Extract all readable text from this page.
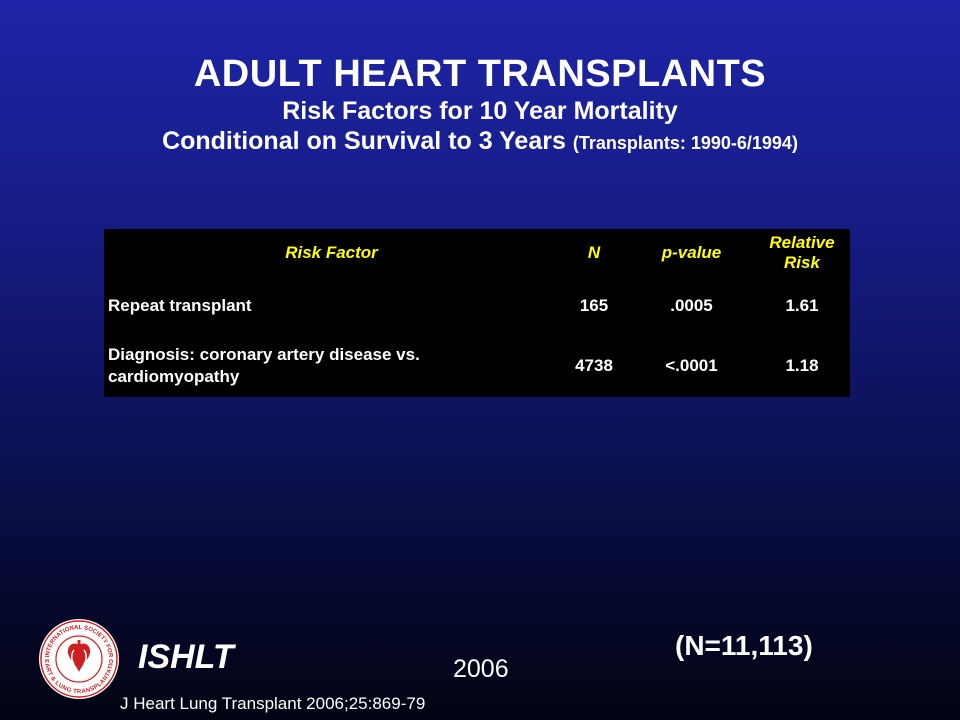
ADULT HEART TRANSPLANTS
Risk Factors for 10 Year Mortality
Conditional on Survival to 3 Years (Transplants: 1990-6/1994)
Risk Factor	N	p-value	Relative
Risk
Repeat transplant	165	.0005	1.61
Diagnosis: coronary artery disease vs.
cardiomyopathy	4738	<.0001	1.18
INTERNATIONAL SOCIETY FOR
EART & LUNG TRANSPLANTATIO ISHLT	2006
(N=11,113)
J Heart Lung Transplant 2006;25:869-79
